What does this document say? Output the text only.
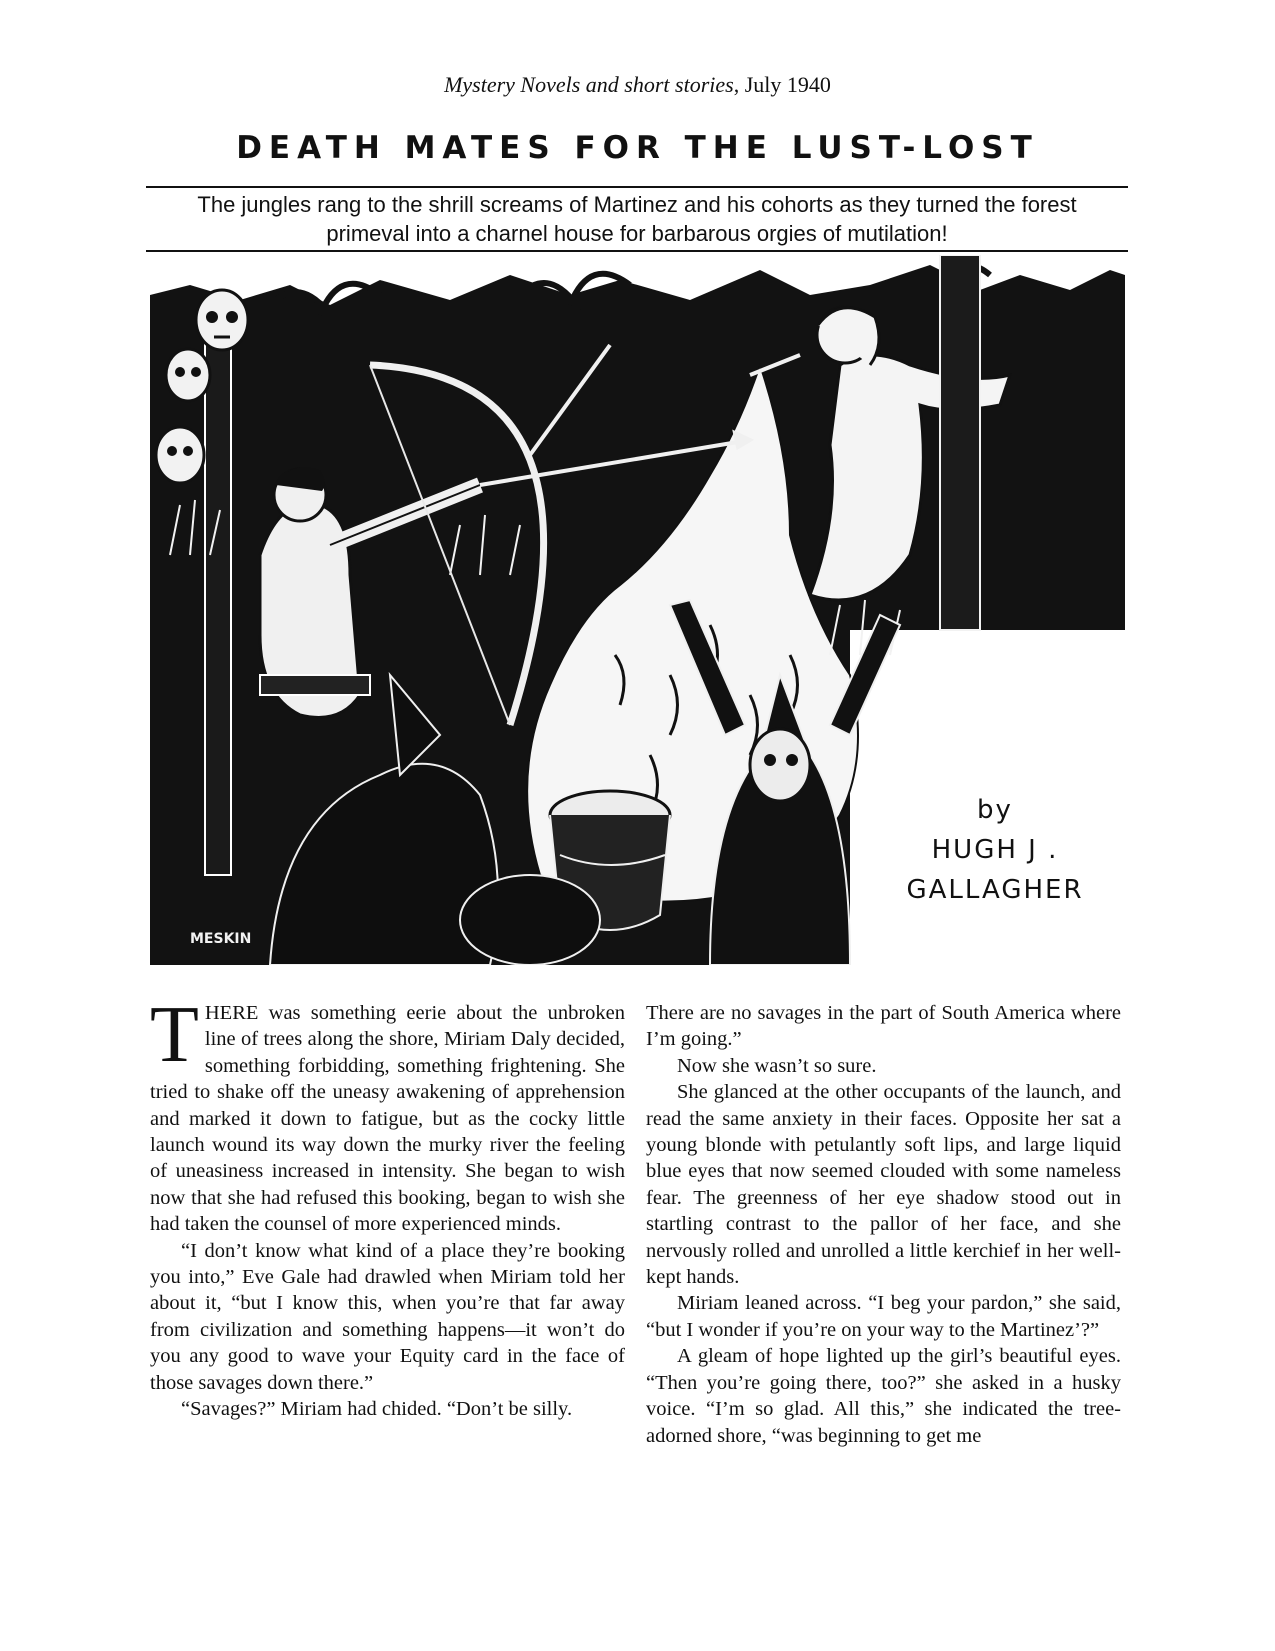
Mystery Novels and short stories, July 1940
DEATH MATES FOR THE LUST-LOST
The jungles rang to the shrill screams of Martinez and his cohorts as they turned the forest primeval into a charnel house for barbarous orgies of mutilation!
MESKIN
by
HUGH J .
GALLAGHER

THERE was something eerie about the unbroken line of trees along the shore, Miriam Daly decided, something forbidding, something frightening. She tried to shake off the uneasy awakening of apprehension and marked it down to fatigue, but as the cocky little launch wound its way down the murky river the feeling of uneasiness increased in intensity. She began to wish now that she had refused this booking, began to wish she had taken the counsel of more experienced minds.

“I don’t know what kind of a place they’re booking you into,” Eve Gale had drawled when Miriam told her about it, “but I know this, when you’re that far away from civilization and something happens—it won’t do you any good to wave your Equity card in the face of those savages down there.”

“Savages?” Miriam had chided. “Don’t be silly.

There are no savages in the part of South America where I’m going.”

Now she wasn’t so sure.

She glanced at the other occupants of the launch, and read the same anxiety in their faces. Opposite her sat a young blonde with petulantly soft lips, and large liquid blue eyes that now seemed clouded with some nameless fear. The greenness of her eye shadow stood out in startling contrast to the pallor of her face, and she nervously rolled and unrolled a little kerchief in her well-kept hands.

Miriam leaned across. “I beg your pardon,” she said, “but I wonder if you’re on your way to the Martinez’?”

A gleam of hope lighted up the girl’s beautiful eyes. “Then you’re going there, too?” she asked in a husky voice. “I’m so glad. All this,” she indicated the tree-adorned shore, “was beginning to get me
